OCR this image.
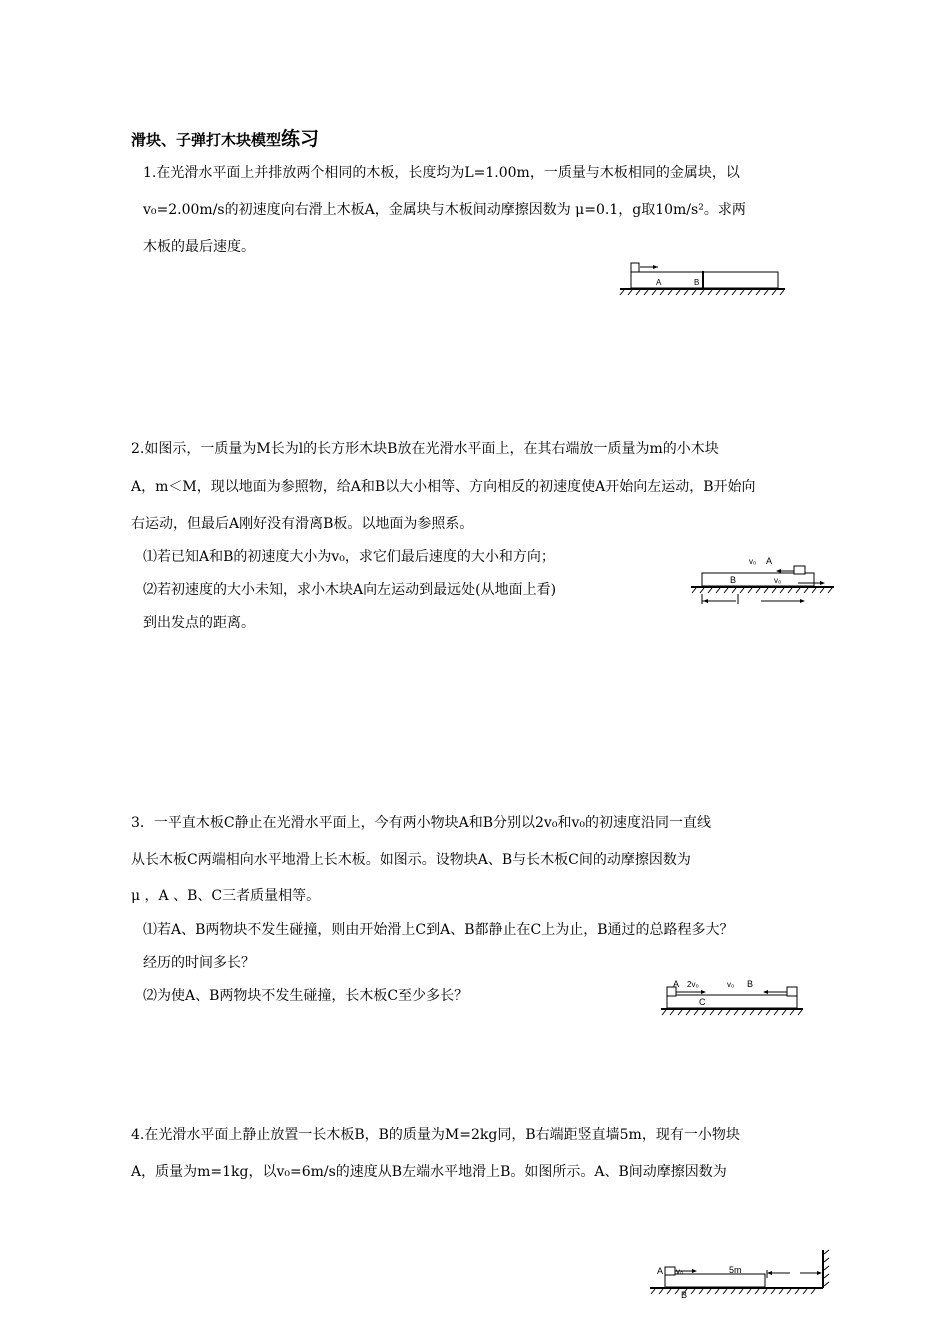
滑块、子弹打木块模型练习
1.在光滑水平面上并排放两个相同的木板，长度均为L=1.00m，一质量与木板相同的金属块，以
v₀=2.00m/s的初速度向右滑上木板A，金属块与木板间动摩擦因数为 μ=0.1，g取10m/s²。求两
木板的最后速度。
A	B
2.如图示，一质量为M长为l的长方形木块B放在光滑水平面上，在其右端放一质量为m的小木块
A，m＜M，现以地面为参照物，给A和B以大小相等、方向相反的初速度使A开始向左运动，B开始向
右运动，但最后A刚好没有滑离B板。以地面为参照系。
⑴若已知A和B的初速度大小为v₀，求它们最后速度的大小和方向；
⑵若初速度的大小未知，求小木块A向左运动到最远处(从地面上看)
到出发点的距离。
v₀ A
B	v₀
3．一平直木板C静止在光滑水平面上，今有两小物块A和B分别以2v₀和v₀的初速度沿同一直线
从长木板C两端相向水平地滑上长木板。如图示。设物块A、B与长木板C间的动摩擦因数为
μ ，A 、B、C三者质量相等。
⑴若A、B两物块不发生碰撞，则由开始滑上C到A、B都静止在C上为止，B通过的总路程多大？
经历的时间多长？
⑵为使A、B两物块不发生碰撞，长木板C至少多长？
A 2v₀	v₀ B
C
4.在光滑水平面上静止放置一长木板B，B的质量为M=2kg同，B右端距竖直墙5m，现有一小物块
A，质量为m=1kg，以v₀=6m/s的速度从B左端水平地滑上B。如图所示。A、B间动摩擦因数为
A v₀	5m
B
